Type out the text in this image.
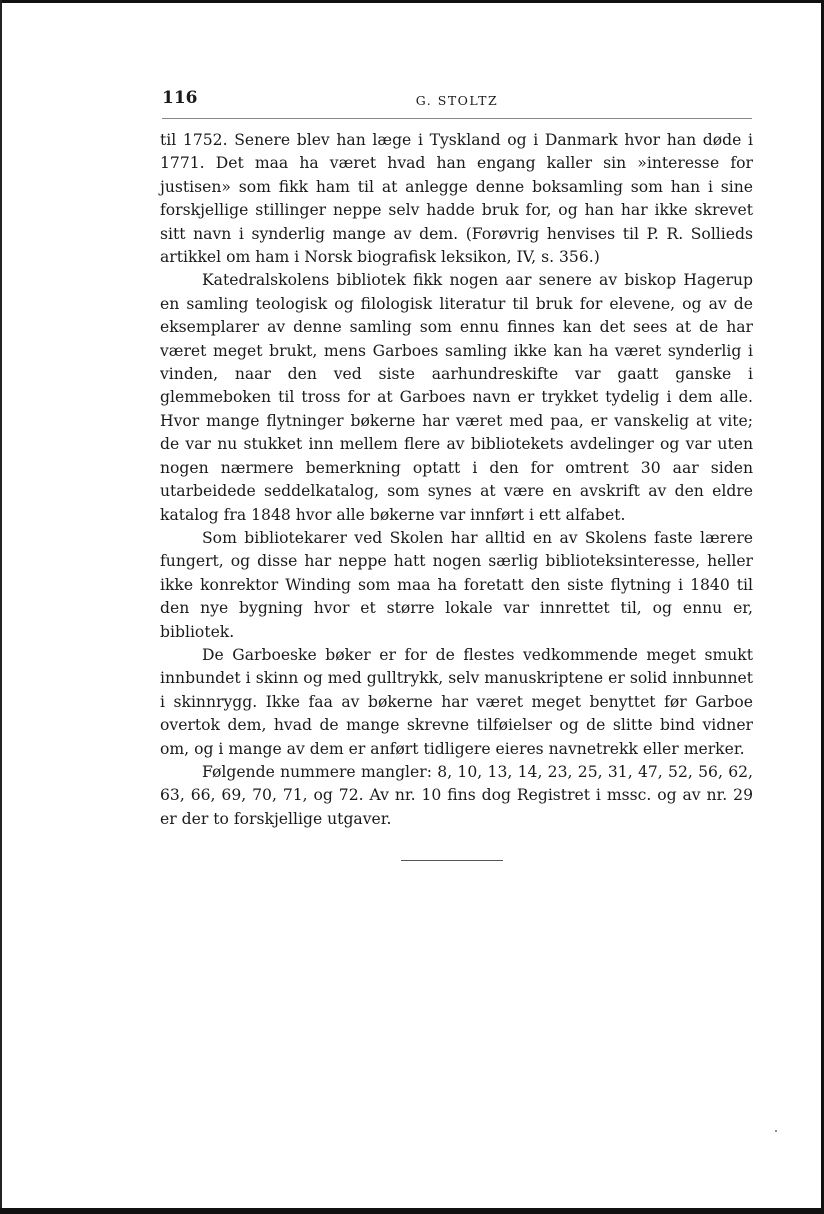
116	G. STOLTZ

til 1752. Senere blev han læge i Tyskland og i Danmark hvor han døde i 1771. Det maa ha været hvad han engang kaller sin »interesse for justisen» som fikk ham til at anlegge denne boksamling som han i sine forskjellige stillinger neppe selv hadde bruk for, og han har ikke skrevet sitt navn i synderlig mange av dem. (Forøvrig henvises til P. R. Sollieds artikkel om ham i Norsk biografisk leksikon, IV, s. 356.)

Katedralskolens bibliotek fikk nogen aar senere av biskop Hagerup en samling teologisk og filologisk literatur til bruk for elevene, og av de eksemplarer av denne samling som ennu finnes kan det sees at de har været meget brukt, mens Garboes samling ikke kan ha været synderlig i vinden, naar den ved siste aarhundreskifte var gaatt ganske i glemmeboken til tross for at Garboes navn er trykket tydelig i dem alle. Hvor mange flytninger bøkerne har været med paa, er vanskelig at vite; de var nu stukket inn mellem flere av bibliotekets avdelinger og var uten nogen nærmere bemerkning optatt i den for omtrent 30 aar siden utarbeidede seddelkatalog, som synes at være en avskrift av den eldre katalog fra 1848 hvor alle bøkerne var innført i ett alfabet.

Som bibliotekarer ved Skolen har alltid en av Skolens faste lærere fungert, og disse har neppe hatt nogen særlig biblioteksinteresse, heller ikke konrektor Winding som maa ha foretatt den siste flytning i 1840 til den nye bygning hvor et større lokale var innrettet til, og ennu er, bibliotek.

De Garboeske bøker er for de flestes vedkommende meget smukt innbundet i skinn og med gulltrykk, selv manuskriptene er solid innbunnet i skinnrygg. Ikke faa av bøkerne har været meget benyttet før Garboe overtok dem, hvad de mange skrevne tilføielser og de slitte bind vidner om, og i mange av dem er anført tidligere eieres navnetrekk eller merker.

Følgende nummere mangler: 8, 10, 13, 14, 23, 25, 31, 47, 52, 56, 62, 63, 66, 69, 70, 71, og 72. Av nr. 10 fins dog Registret i mssc. og av nr. 29 er der to forskjellige utgaver.
